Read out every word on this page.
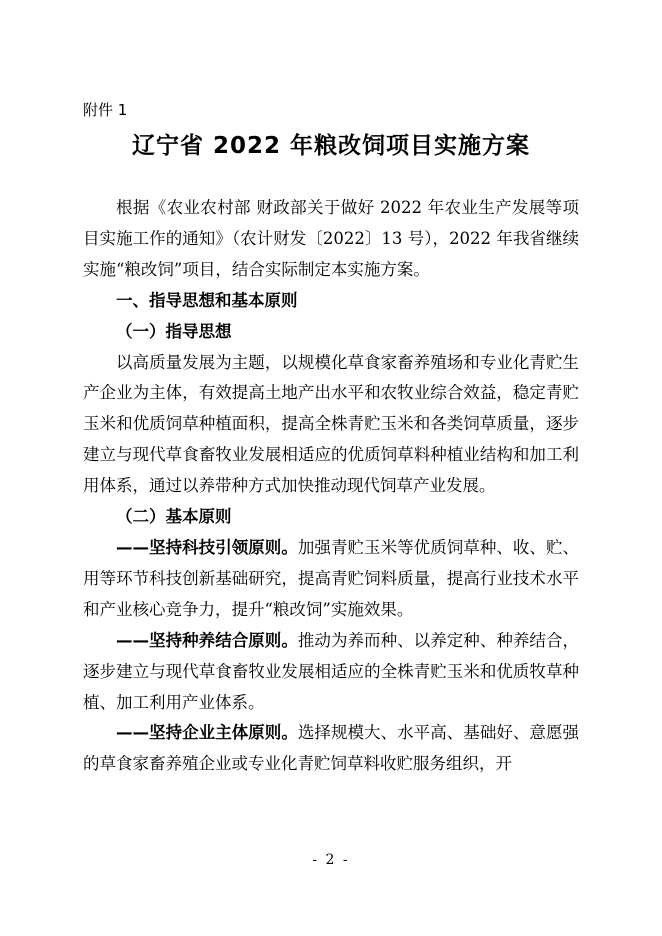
附件 1
辽宁省 2022 年粮改饲项目实施方案

根据《农业农村部 财政部关于做好 2022 年农业生产发展等项目实施工作的通知》（农计财发〔2022〕13 号），2022 年我省继续实施“粮改饲”项目，结合实际制定本实施方案。

一、指导思想和基本原则

（一）指导思想

以高质量发展为主题，以规模化草食家畜养殖场和专业化青贮生产企业为主体，有效提高土地产出水平和农牧业综合效益，稳定青贮玉米和优质饲草种植面积，提高全株青贮玉米和各类饲草质量，逐步建立与现代草食畜牧业发展相适应的优质饲草料种植业结构和加工利用体系，通过以养带种方式加快推动现代饲草产业发展。

（二）基本原则

——坚持科技引领原则。加强青贮玉米等优质饲草种、收、贮、用等环节科技创新基础研究，提高青贮饲料质量，提高行业技术水平和产业核心竞争力，提升“粮改饲”实施效果。

——坚持种养结合原则。推动为养而种、以养定种、种养结合，逐步建立与现代草食畜牧业发展相适应的全株青贮玉米和优质牧草种植、加工利用产业体系。

——坚持企业主体原则。选择规模大、水平高、基础好、意愿强的草食家畜养殖企业或专业化青贮饲草料收贮服务组织，开

- 2 -
